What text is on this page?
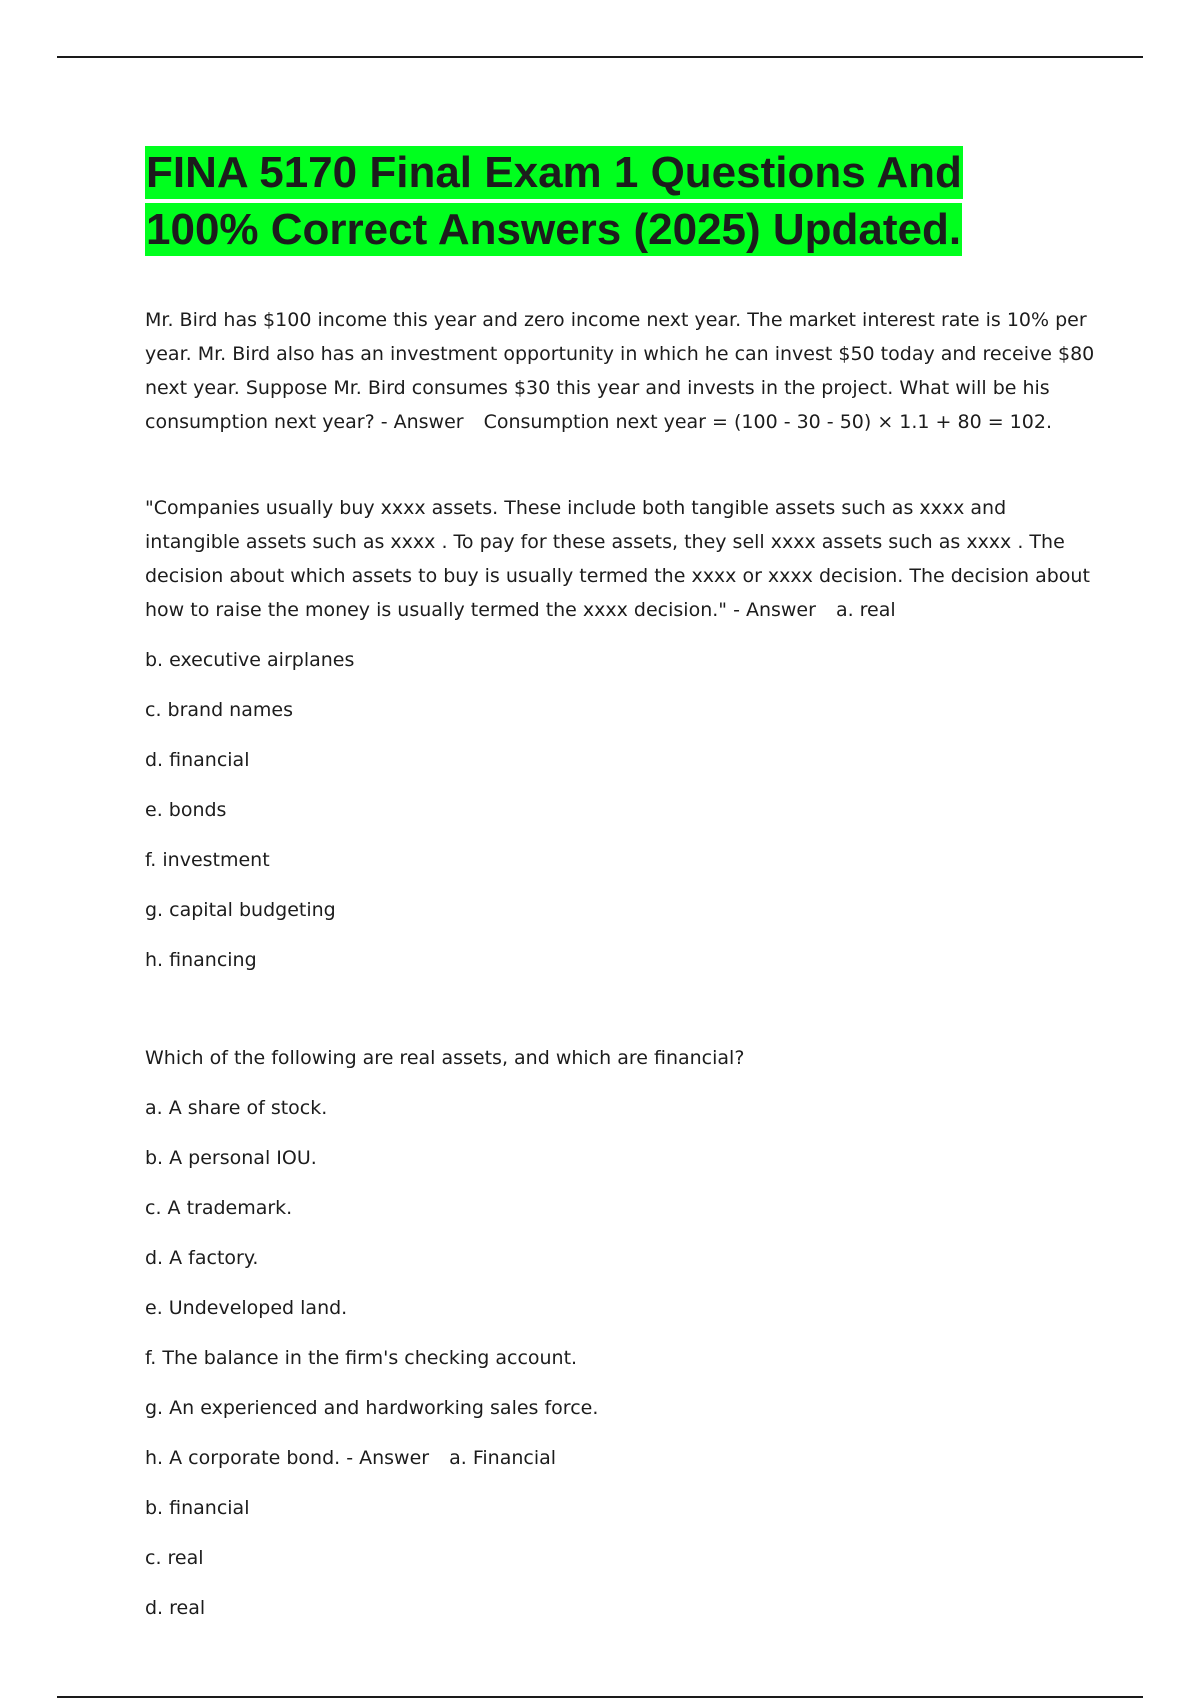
FINA 5170 Final Exam 1 Questions And
100% Correct Answers (2025) Updated.

Mr. Bird has $100 income this year and zero income next year. The market interest rate is 10% per year. Mr. Bird also has an investment opportunity in which he can invest $50 today and receive $80 next year. Suppose Mr. Bird consumes $30 this year and invests in the project. What will be his consumption next year? - Answer Consumption next year = (100 - 30 - 50) × 1.1 + 80 = 102.

"Companies usually buy xxxx assets. These include both tangible assets such as xxxx and intangible assets such as xxxx . To pay for these assets, they sell xxxx assets such as xxxx . The decision about which assets to buy is usually termed the xxxx or xxxx decision. The decision about how to raise the money is usually termed the xxxx decision." - Answer a. real

b. executive airplanes

c. brand names

d. financial

e. bonds

f. investment

g. capital budgeting

h. financing

Which of the following are real assets, and which are financial?

a. A share of stock.

b. A personal IOU.

c. A trademark.

d. A factory.

e. Undeveloped land.

f. The balance in the firm's checking account.

g. An experienced and hardworking sales force.

h. A corporate bond. - Answer a. Financial

b. financial

c. real

d. real
